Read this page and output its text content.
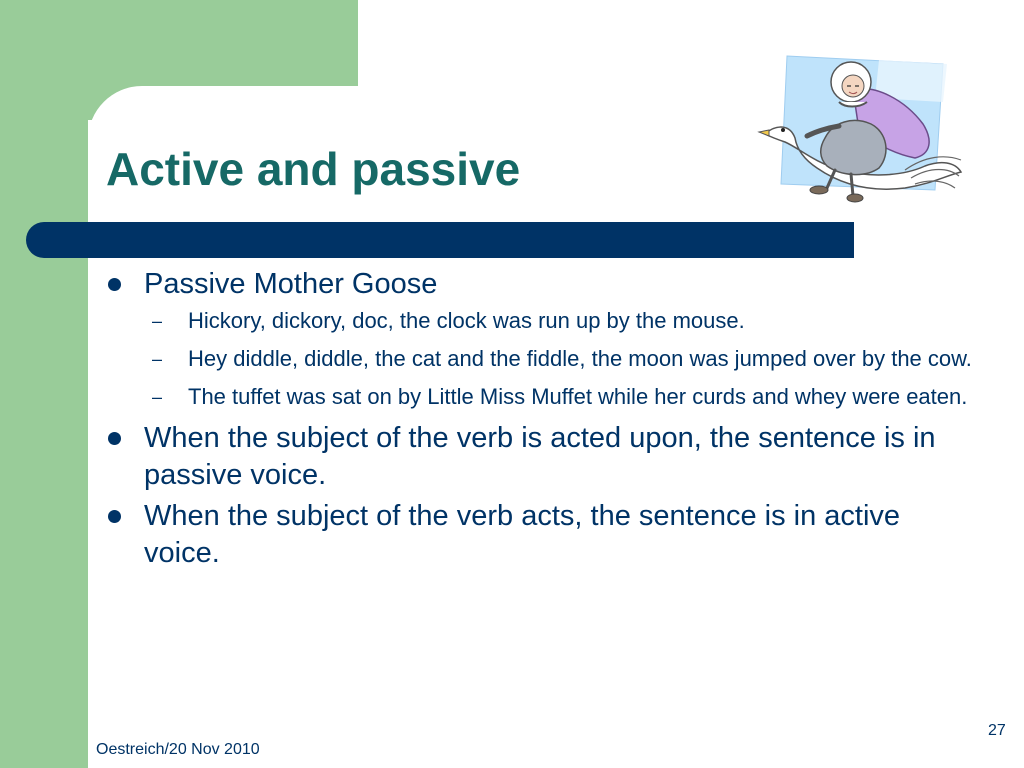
Active and passive
Passive Mother Goose
– Hickory, dickory, doc, the clock was run up by the mouse.
– Hey diddle, diddle, the cat and the fiddle, the moon was jumped over by the cow.
– The tuffet was sat on by Little Miss Muffet while her curds and whey were eaten.
When the subject of the verb is acted upon, the sentence is in passive voice.
When the subject of the verb acts, the sentence is in active voice.
Oestreich/20 Nov 2010
27
